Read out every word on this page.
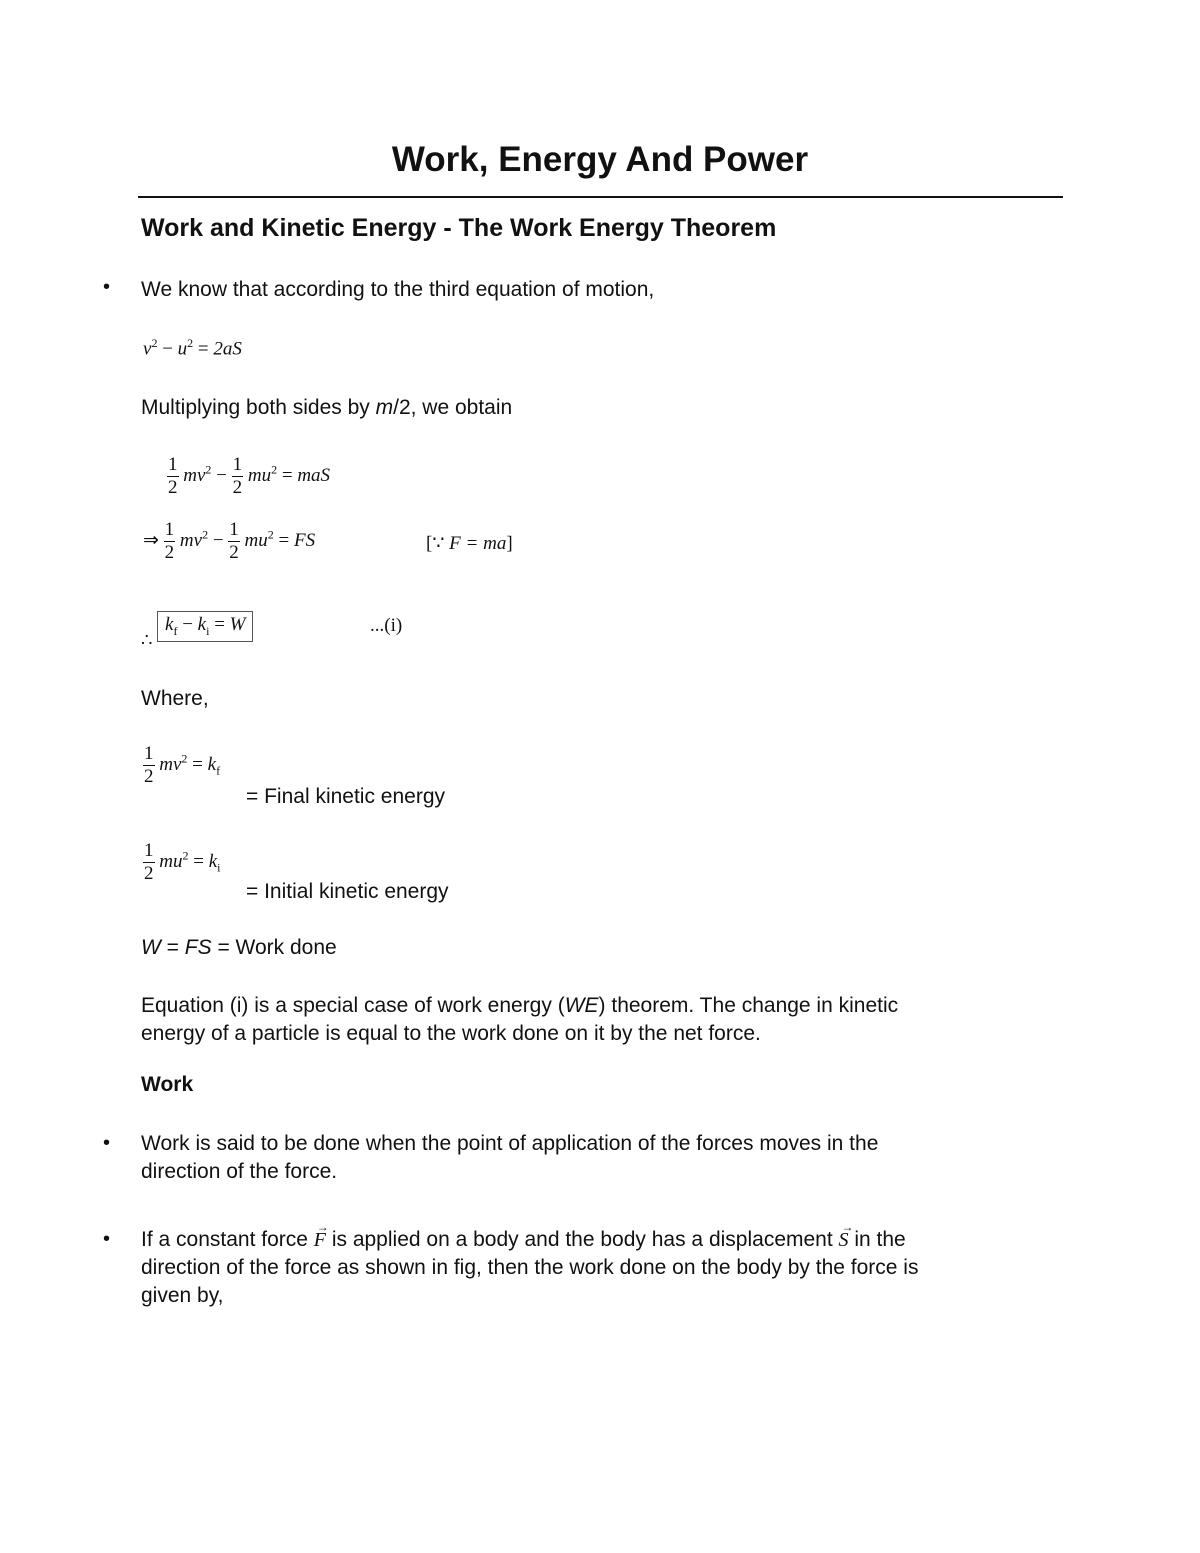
Work, Energy And Power
Work and Kinetic Energy - The Work Energy Theorem
• We know that according to the third equation of motion,
$v^2 - u^2 = 2aS$
Multiplying both sides by m/2, we obtain
$\frac{1}{2} mv^2 - \frac{1}{2} mu^2$ = maS
⇒ $\frac{1}{2} mv^2 - \frac{1}{2} mu^2$ = FS	[∵ F = ma]
∴
$k_f - k_i = W$	...(i)
Where,
$\frac{1}{2} mv^2 = k_f$
= Final kinetic energy
$\frac{1}{2} mu^2 = k_i$
= Initial kinetic energy
W = FS = Work done
Equation (i) is a special case of work energy (WE) theorem. The change in kinetic
energy of a particle is equal to the work done on it by the net force.
Work
• Work is said to be done when the point of application of the forces moves in the
direction of the force.
• If a constant force → F is applied on a body and the body has a displacement → S in the
direction of the force as shown in fig, then the work done on the body by the force is
given by,
